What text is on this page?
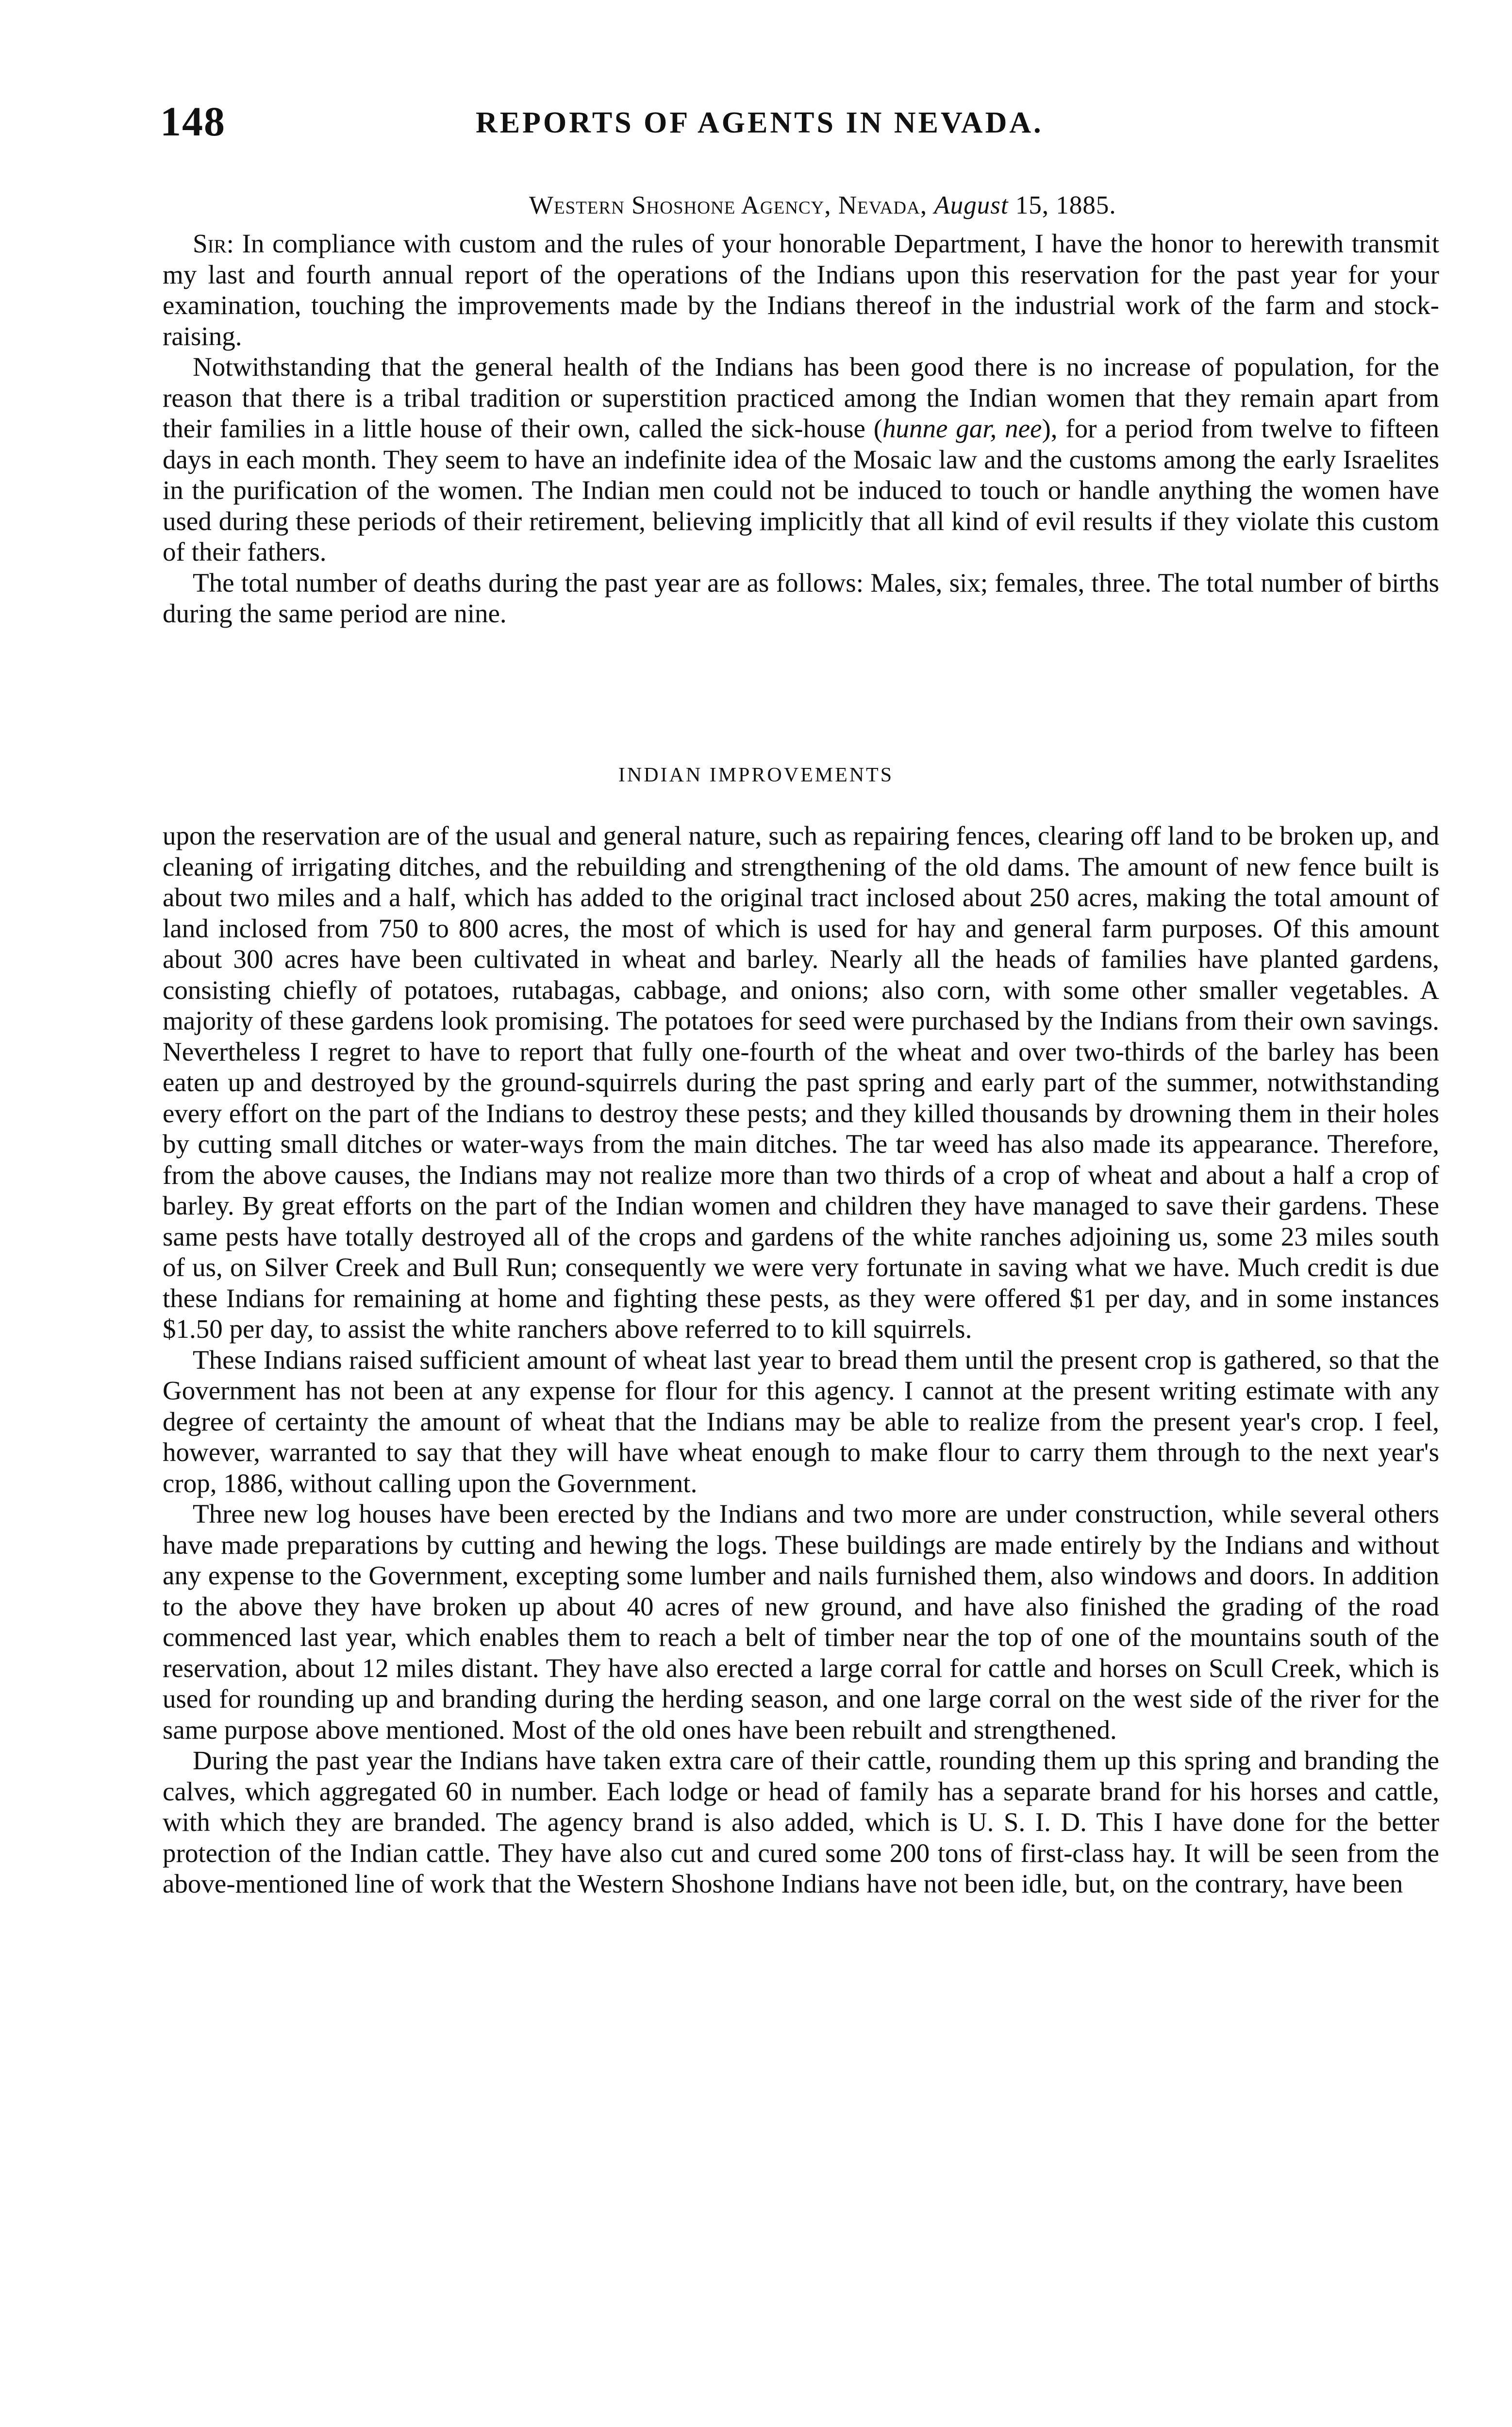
148	REPORTS OF AGENTS IN NEVADA.
Western Shoshone Agency, Nevada, August 15, 1885.

Sir: In compliance with custom and the rules of your honorable Department, I have the honor to herewith transmit my last and fourth annual report of the operations of the Indians upon this reservation for the past year for your examination, touching the improvements made by the Indians thereof in the industrial work of the farm and stock-raising.

Notwithstanding that the general health of the Indians has been good there is no increase of population, for the reason that there is a tribal tradition or superstition practiced among the Indian women that they remain apart from their families in a little house of their own, called the sick-house (hunne gar, nee), for a period from twelve to fifteen days in each month. They seem to have an indefinite idea of the Mosaic law and the customs among the early Israelites in the purification of the women. The Indian men could not be induced to touch or handle anything the women have used during these periods of their retirement, believing implicitly that all kind of evil results if they violate this custom of their fathers.

The total number of deaths during the past year are as follows: Males, six; females, three. The total number of births during the same period are nine.

INDIAN IMPROVEMENTS

upon the reservation are of the usual and general nature, such as repairing fences, clearing off land to be broken up, and cleaning of irrigating ditches, and the rebuilding and strengthening of the old dams. The amount of new fence built is about two miles and a half, which has added to the original tract inclosed about 250 acres, making the total amount of land inclosed from 750 to 800 acres, the most of which is used for hay and general farm purposes. Of this amount about 300 acres have been cultivated in wheat and barley. Nearly all the heads of families have planted gardens, consisting chiefly of potatoes, rutabagas, cabbage, and onions; also corn, with some other smaller vegetables. A majority of these gardens look promising. The potatoes for seed were purchased by the Indians from their own savings. Nevertheless I regret to have to report that fully one-fourth of the wheat and over two-thirds of the barley has been eaten up and destroyed by the ground-squirrels during the past spring and early part of the summer, notwithstanding every effort on the part of the Indians to destroy these pests; and they killed thousands by drowning them in their holes by cutting small ditches or water-ways from the main ditches. The tar weed has also made its appearance. Therefore, from the above causes, the Indians may not realize more than two thirds of a crop of wheat and about a half a crop of barley. By great efforts on the part of the Indian women and children they have managed to save their gardens. These same pests have totally destroyed all of the crops and gardens of the white ranches adjoining us, some 23 miles south of us, on Silver Creek and Bull Run; consequently we were very fortunate in saving what we have. Much credit is due these Indians for remaining at home and fighting these pests, as they were offered $1 per day, and in some instances $1.50 per day, to assist the white ranchers above referred to to kill squirrels.

These Indians raised sufficient amount of wheat last year to bread them until the present crop is gathered, so that the Government has not been at any expense for flour for this agency. I cannot at the present writing estimate with any degree of certainty the amount of wheat that the Indians may be able to realize from the present year's crop. I feel, however, warranted to say that they will have wheat enough to make flour to carry them through to the next year's crop, 1886, without calling upon the Government.

Three new log houses have been erected by the Indians and two more are under construction, while several others have made preparations by cutting and hewing the logs. These buildings are made entirely by the Indians and without any expense to the Government, excepting some lumber and nails furnished them, also windows and doors. In addition to the above they have broken up about 40 acres of new ground, and have also finished the grading of the road commenced last year, which enables them to reach a belt of timber near the top of one of the mountains south of the reservation, about 12 miles distant. They have also erected a large corral for cattle and horses on Scull Creek, which is used for rounding up and branding during the herding season, and one large corral on the west side of the river for the same purpose above mentioned. Most of the old ones have been rebuilt and strengthened.

During the past year the Indians have taken extra care of their cattle, rounding them up this spring and branding the calves, which aggregated 60 in number. Each lodge or head of family has a separate brand for his horses and cattle, with which they are branded. The agency brand is also added, which is U. S. I. D. This I have done for the better protection of the Indian cattle. They have also cut and cured some 200 tons of first-class hay. It will be seen from the above-mentioned line of work that the Western Shoshone Indians have not been idle, but, on the contrary, have been
